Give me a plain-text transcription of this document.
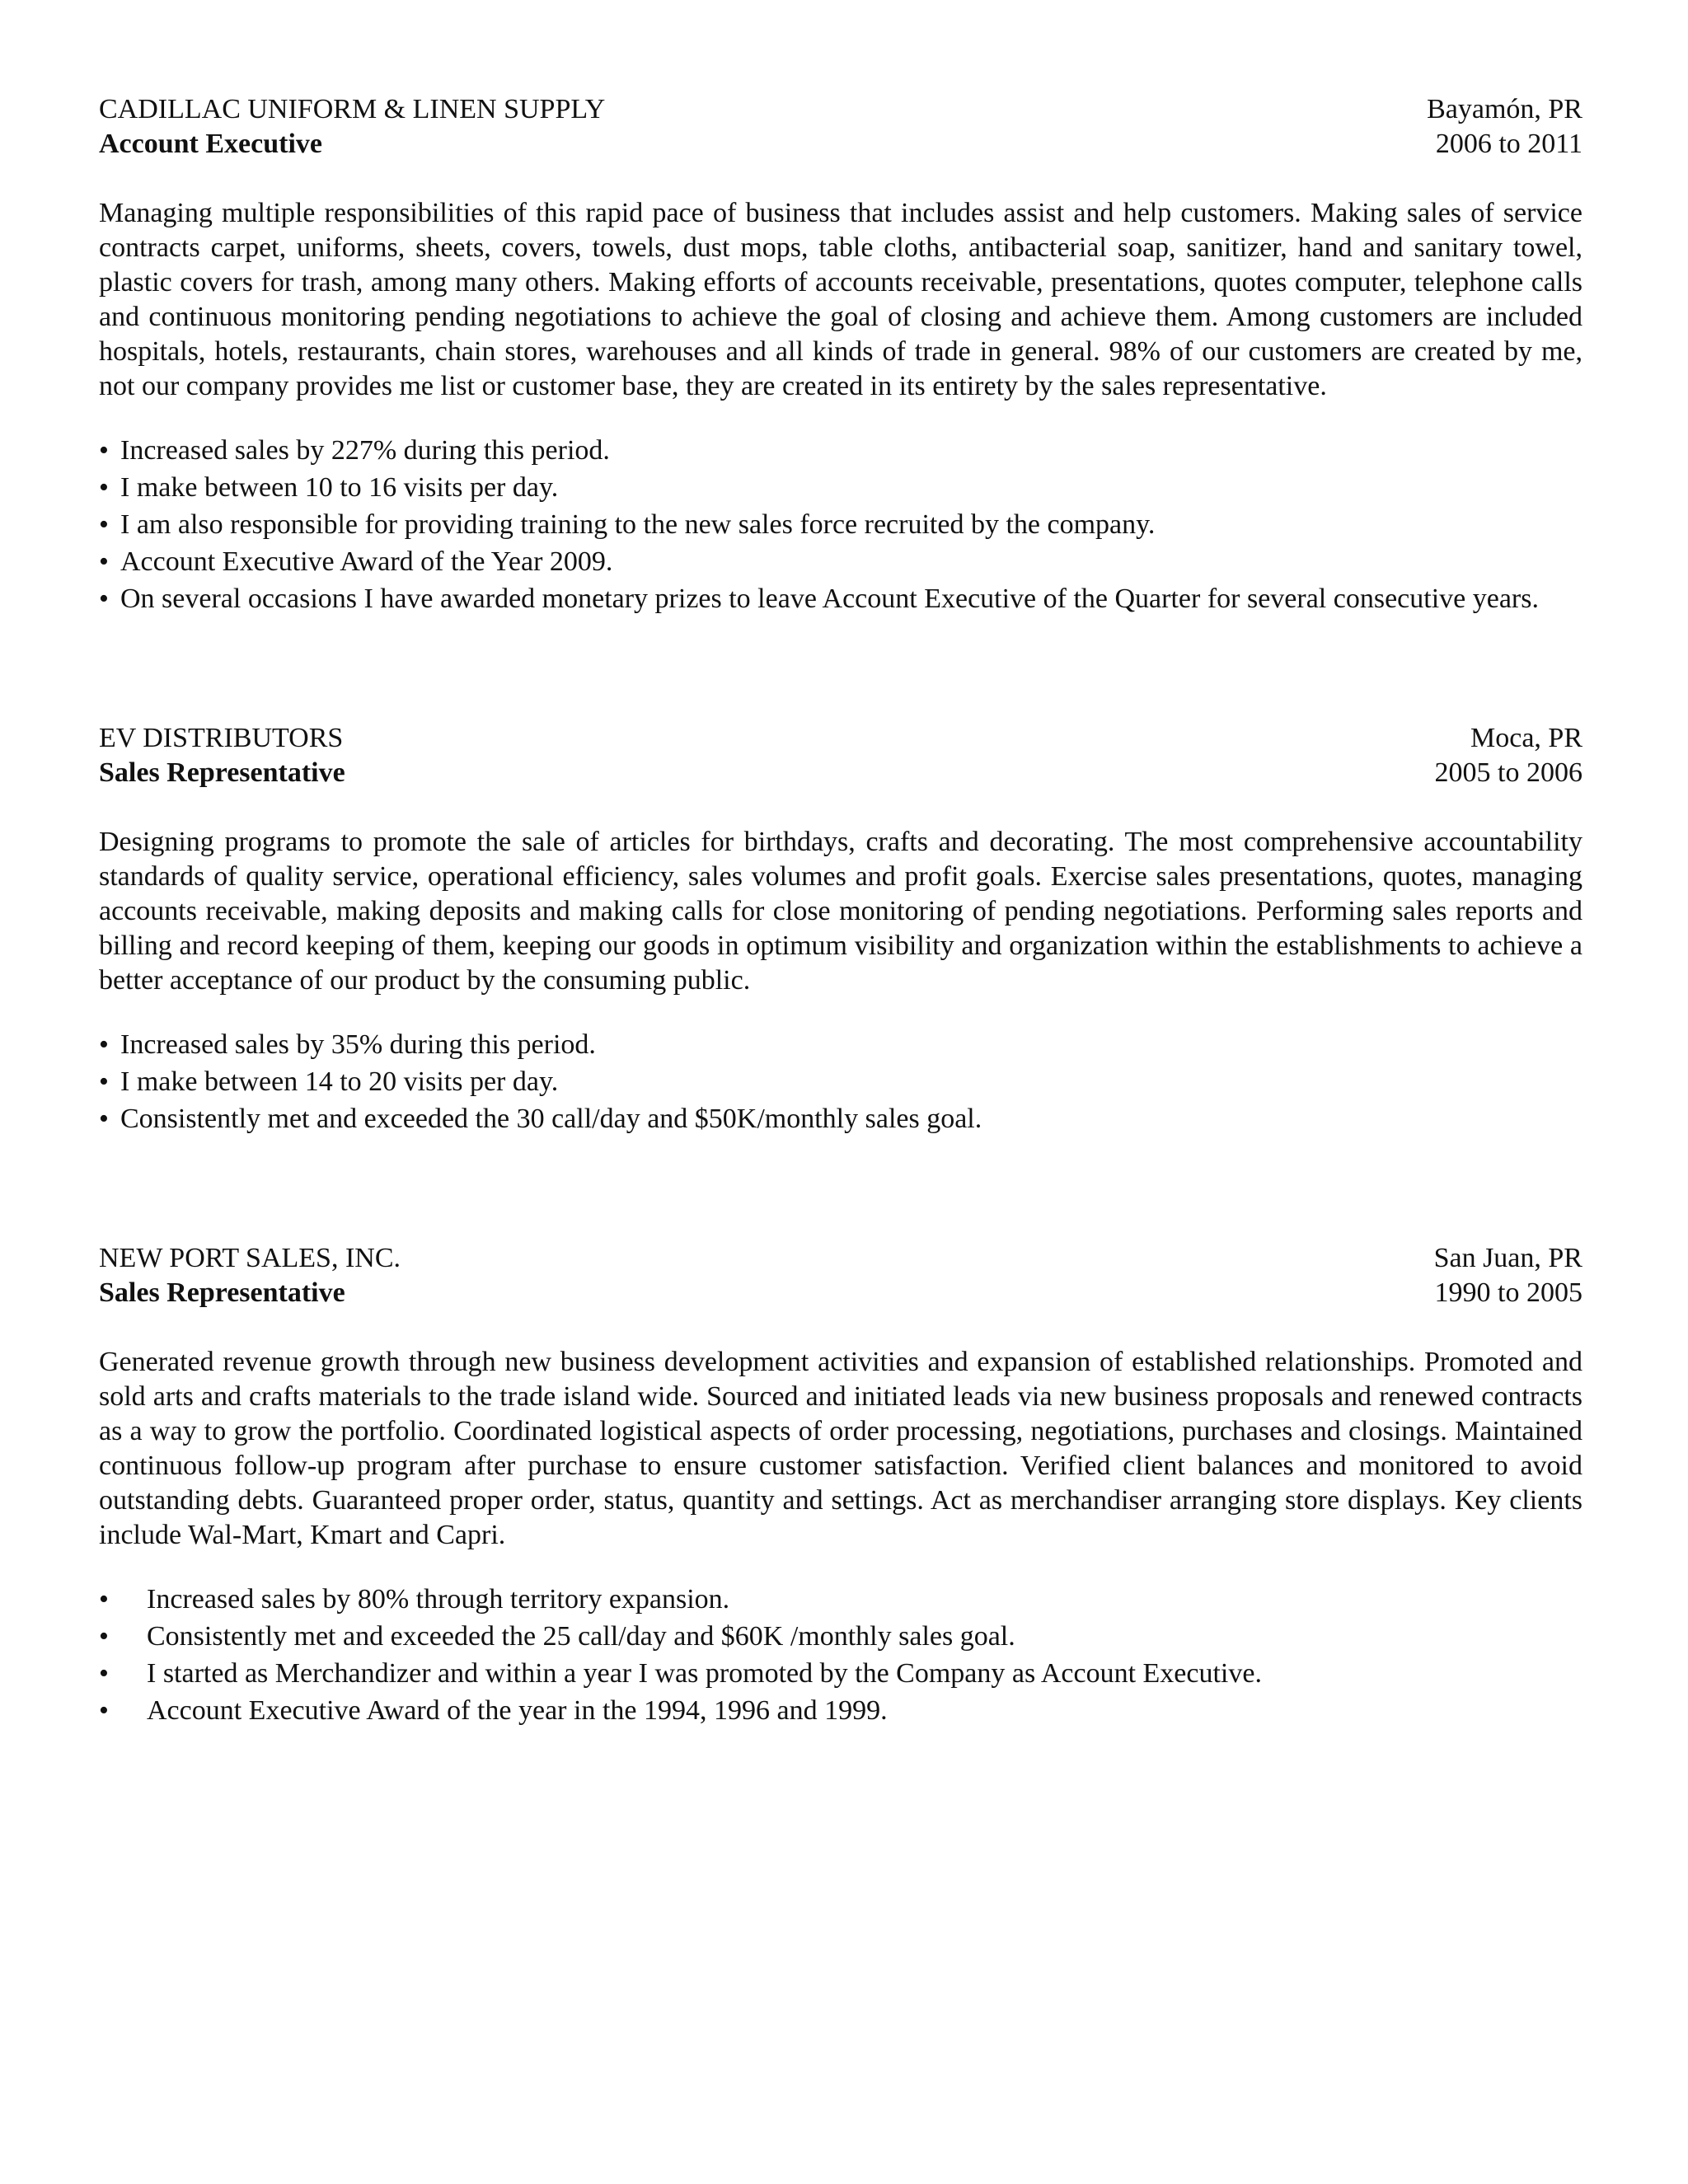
CADILLAC UNIFORM & LINEN SUPPLY	Bayamón, PR
Account Executive	2006 to 2011

Managing multiple responsibilities of this rapid pace of business that includes assist and help customers. Making sales of service contracts carpet, uniforms, sheets, covers, towels, dust mops, table cloths, antibacterial soap, sanitizer, hand and sanitary towel, plastic covers for trash, among many others. Making efforts of accounts receivable, presentations, quotes computer, telephone calls and continuous monitoring pending negotiations to achieve the goal of closing and achieve them. Among customers are included hospitals, hotels, restaurants, chain stores, warehouses and all kinds of trade in general. 98% of our customers are created by me, not our company provides me list or customer base, they are created in its entirety by the sales representative.

• Increased sales by 227% during this period.
• I make between 10 to 16 visits per day.
• I am also responsible for providing training to the new sales force recruited by the company.
• Account Executive Award of the Year 2009.
• On several occasions I have awarded monetary prizes to leave Account Executive of the Quarter for several consecutive years.
EV DISTRIBUTORS	Moca, PR
Sales Representative	2005 to 2006

Designing programs to promote the sale of articles for birthdays, crafts and decorating. The most comprehensive accountability standards of quality service, operational efficiency, sales volumes and profit goals. Exercise sales presentations, quotes, managing accounts receivable, making deposits and making calls for close monitoring of pending negotiations. Performing sales reports and billing and record keeping of them, keeping our goods in optimum visibility and organization within the establishments to achieve a better acceptance of our product by the consuming public.

• Increased sales by 35% during this period.
• I make between 14 to 20 visits per day.
• Consistently met and exceeded the 30 call/day and $50K/monthly sales goal.
NEW PORT SALES, INC.	San Juan, PR
Sales Representative	1990 to 2005

Generated revenue growth through new business development activities and expansion of established relationships. Promoted and sold arts and crafts materials to the trade island wide. Sourced and initiated leads via new business proposals and renewed contracts as a way to grow the portfolio. Coordinated logistical aspects of order processing, negotiations, purchases and closings. Maintained continuous follow-up program after purchase to ensure customer satisfaction. Verified client balances and monitored to avoid outstanding debts. Guaranteed proper order, status, quantity and settings. Act as merchandiser arranging store displays. Key clients include Wal-Mart, Kmart and Capri.

• Increased sales by 80% through territory expansion.
• Consistently met and exceeded the 25 call/day and $60K /monthly sales goal.
• I started as Merchandizer and within a year I was promoted by the Company as Account Executive.
• Account Executive Award of the year in the 1994, 1996 and 1999.
